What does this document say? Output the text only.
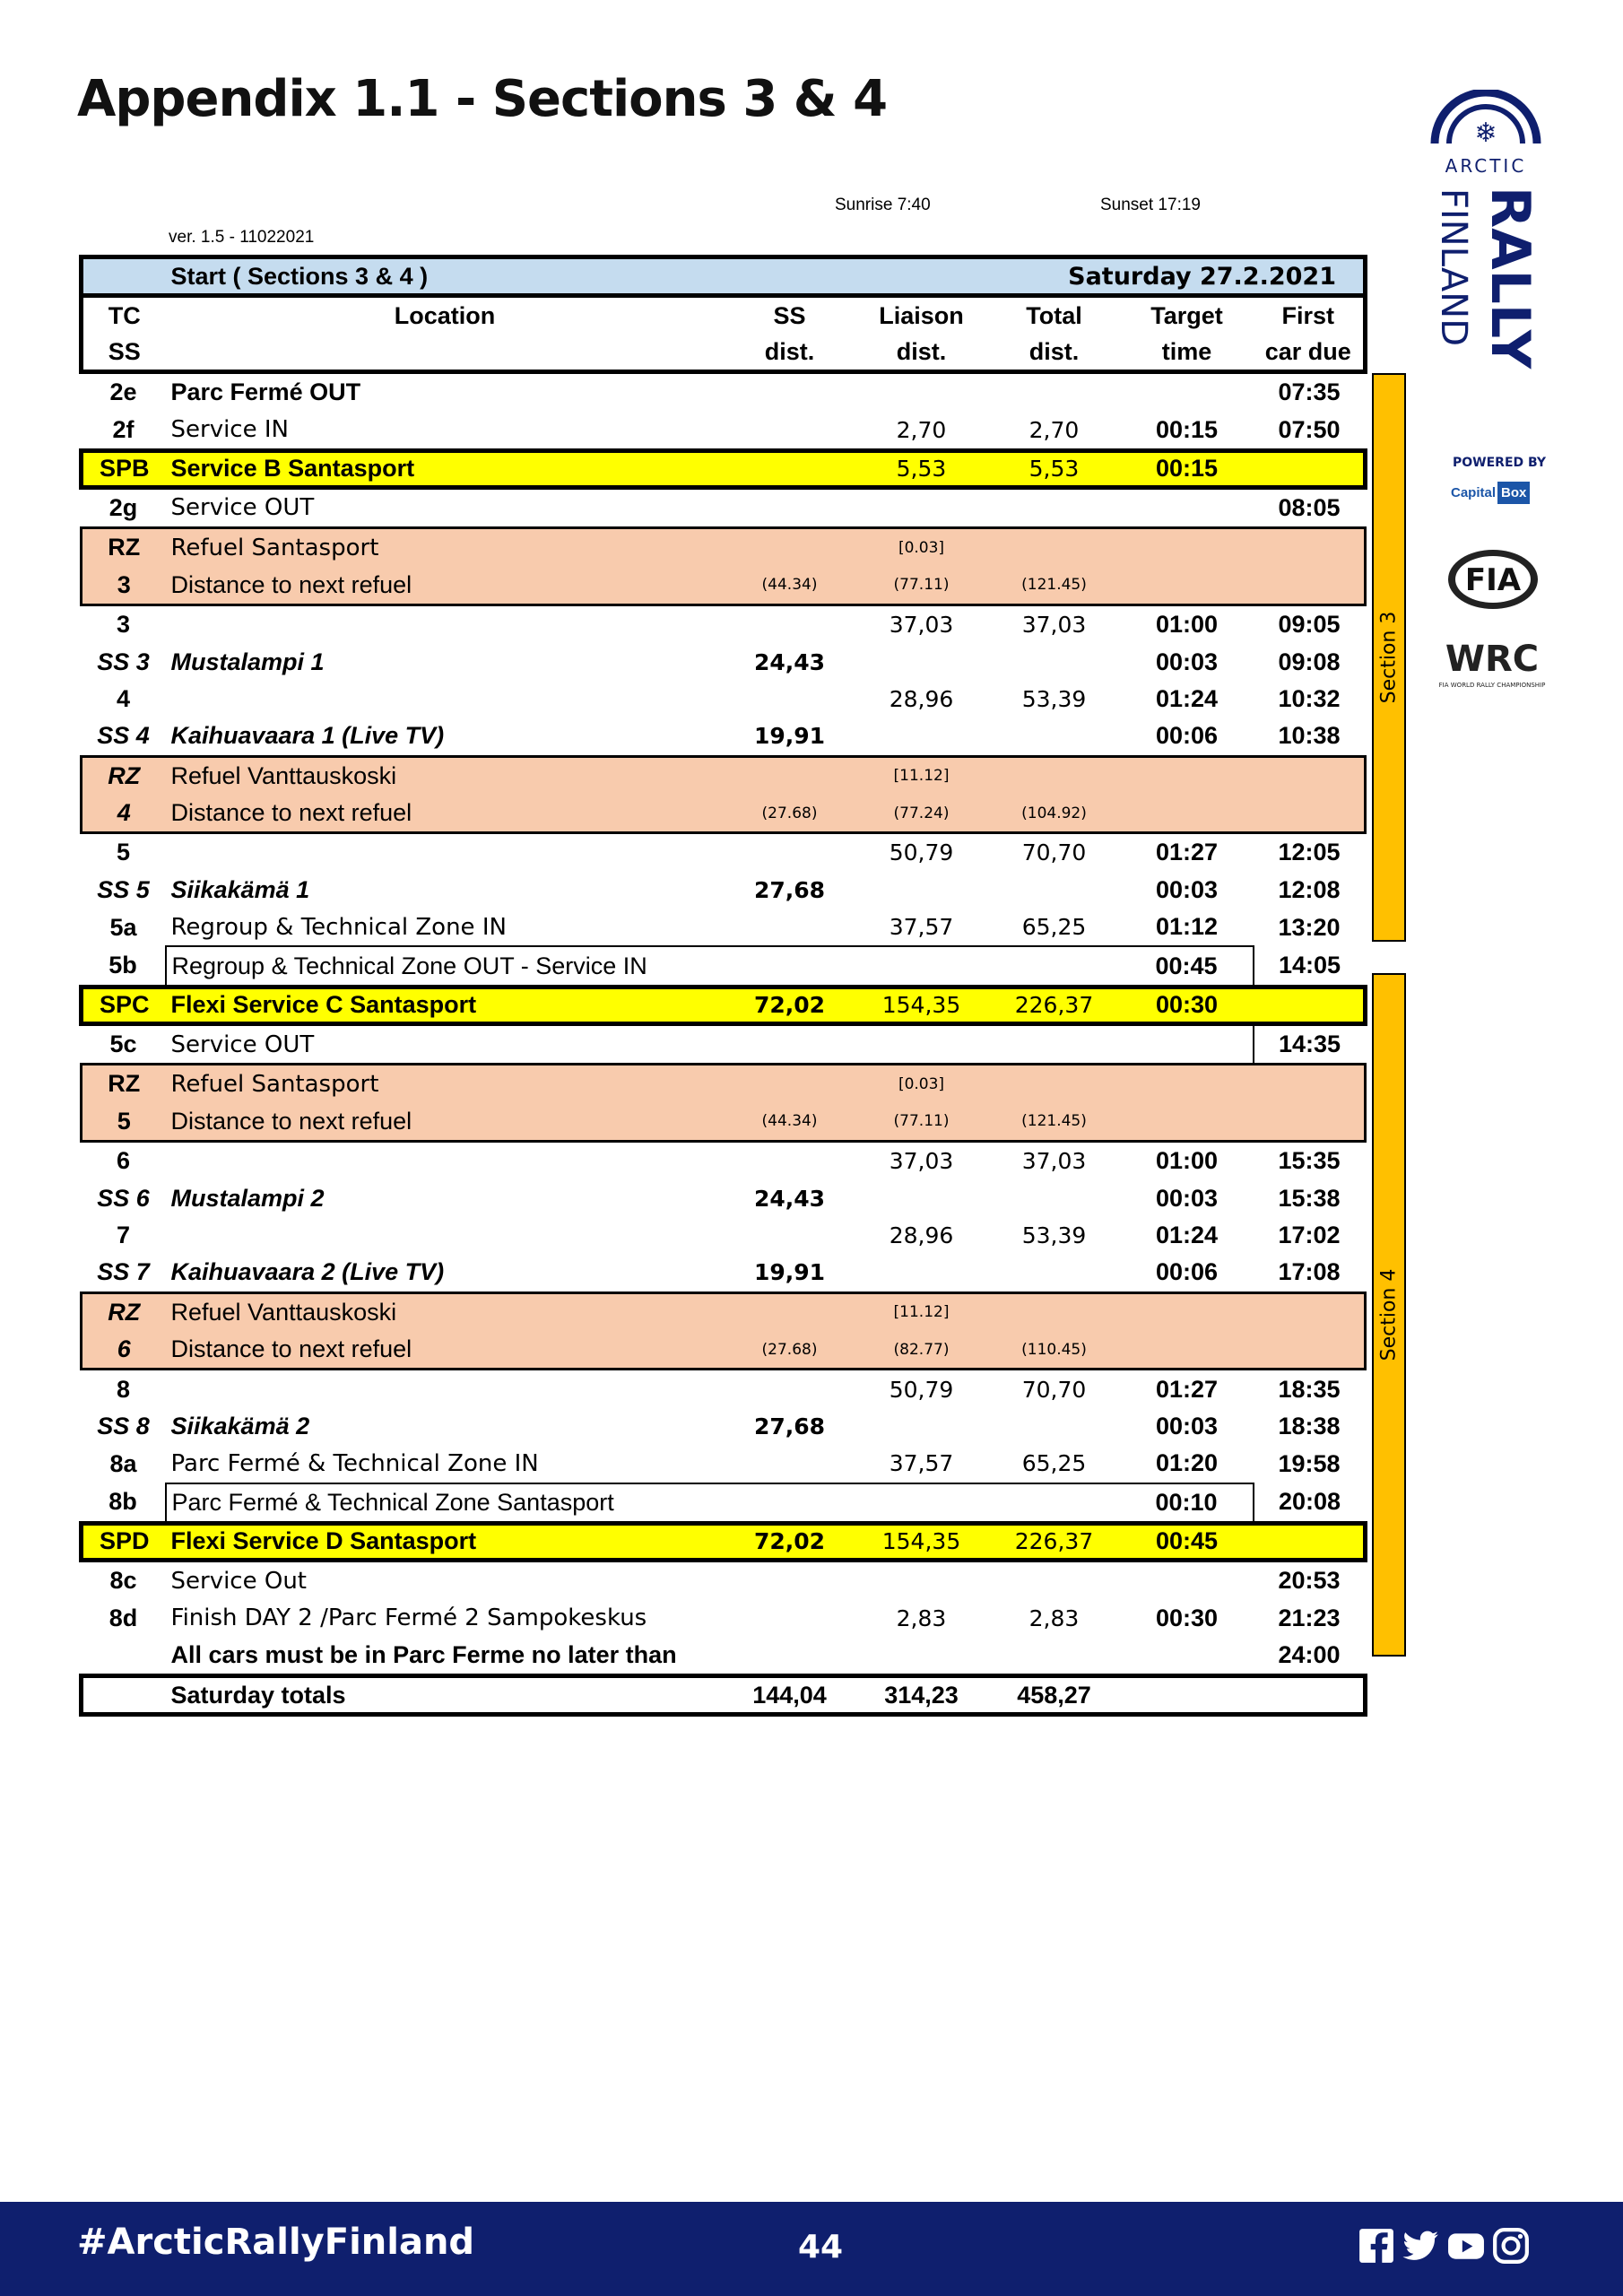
Appendix 1.1 - Sections 3 & 4
Sunrise 7:40	Sunset 17:19
ver. 1.5 - 11022021
	Start ( Sections 3 & 4 )			Saturday 27.2.2021		
TC	Location	SS	Liaison	Total	Target	First
SS		dist.	dist.	dist.	time	car due
2e	Parc Fermé OUT					07:35
2f	Service IN		2,70	2,70	00:15	07:50
SPB	Service B Santasport		5,53	5,53	00:15	
2g	Service OUT					08:05
RZ	Refuel Santasport		[0.03]			
3	Distance to next refuel	(44.34)	(77.11)	(121.45)		
3			37,03	37,03	01:00	09:05
SS 3	Mustalampi 1	24,43			00:03	09:08
4			28,96	53,39	01:24	10:32
SS 4	Kaihuavaara 1 (Live TV)	19,91			00:06	10:38
RZ	Refuel Vanttauskoski		[11.12]			
4	Distance to next refuel	(27.68)	(77.24)	(104.92)		
5			50,79	70,70	01:27	12:05
SS 5	Siikakämä 1	27,68			00:03	12:08
5a	Regroup & Technical Zone IN		37,57	65,25	01:12	13:20
5b	Regroup & Technical Zone OUT - Service IN				00:45	14:05
SPC	Flexi Service C Santasport	72,02	154,35	226,37	00:30	
5c	Service OUT					14:35
RZ	Refuel Santasport		[0.03]			
5	Distance to next refuel	(44.34)	(77.11)	(121.45)		
6			37,03	37,03	01:00	15:35
SS 6	Mustalampi 2	24,43			00:03	15:38
7			28,96	53,39	01:24	17:02
SS 7	Kaihuavaara 2 (Live TV)	19,91			00:06	17:08
RZ	Refuel Vanttauskoski		[11.12]			
6	Distance to next refuel	(27.68)	(82.77)	(110.45)		
8			50,79	70,70	01:27	18:35
SS 8	Siikakämä 2	27,68			00:03	18:38
8a	Parc Fermé & Technical Zone IN		37,57	65,25	01:20	19:58
8b	Parc Fermé & Technical Zone Santasport				00:10	20:08
SPD	Flexi Service D Santasport	72,02	154,35	226,37	00:45	
8c	Service Out					20:53
8d	Finish DAY 2 /Parc Fermé 2 Sampokeskus		2,83	2,83	00:30	21:23
	All cars must be in Parc Ferme no later than					24:00
	Saturday totals	144,04	314,23	458,27		
Section 3
Section 4
❄
ARCTIC
RALLY
FINLAND
POWERED BY
Capital Box
FIA
WRC
FIA WORLD RALLY CHAMPIONSHIP
#ArcticRallyFinland	44
